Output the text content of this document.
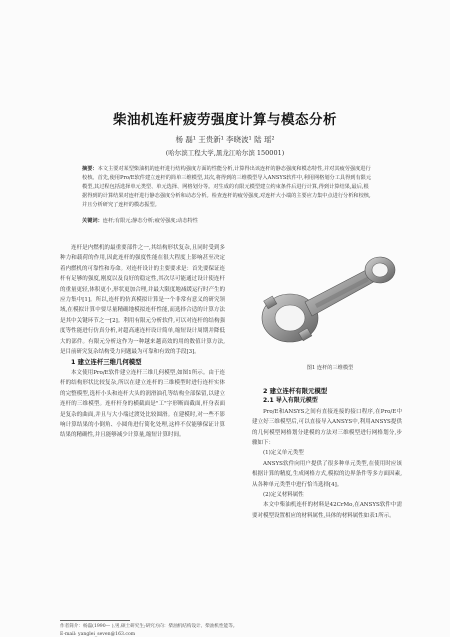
柴油机连杆疲劳强度计算与模态分析
杨 磊¹ 王贵新¹ 李晓波¹ 陆 瑶²
(哈尔滨工程大学,黑龙江哈尔滨 150001)
摘要：本文主要对某型柴油机的连杆进行结构强度方面的性能分析,计算得出该连杆的静态强度和模态特性,并对其疲劳强度进行校核。首先,使用Pro/E软件建立连杆的简单三维模型,其次,将得到的三维模型导入ANSYS软件中,利用网格划分工具得到有限元模型,其过程包括选择单元类型、单元选择、网格划分等。对生成的有限元模型建立约束条件后进行计算,得到计算结果,最后,根据得到的计算结果对连杆进行静态强度分析和动态分析。检查连杆的疲劳强度,对连杆大小端的主要应力集中点进行分析和校核,并且分析研究了连杆的模态振型。
关键词：连杆;有限元;静态分析;疲劳强度;动态特性

连杆是内燃机的最重要部件之一,其结构形状复杂,且同时受到多种力和载荷的作用,因此连杆的强度性能在很大程度上影响甚至决定着内燃机的可靠性和寿命。对连杆设计的主要要求是：首先要保证连杆有足够的强度,刚度以及良好的稳定性,其次尽可能通过设计使连杆的重量更轻,体积更小,形状更加合理,并最大限度地减缓运行时产生的应力集中[1]。所以,连杆的仿真模拟计算是一个非常有意义的研究领域,在模拟计算中要尽量精确地模拟连杆性能,而选择合适的计算方法是其中关键环节之一[2]。利用有限元分析软件,可以对连杆的结构强度等性能进行仿真分析,对超高速连杆设计简单,缩短设计周期并降低大的部件。有限元分析这作为一种越来越高效的用的数值计算方法,是目前研究复杂结构受力问题最为可靠和有效的手段[3]。

1 建立连杆三维几何模型

本文使用Pro/E软件建立连杆三维几何模型,如图1所示。由于连杆的结构形状比较复杂,所以在建立连杆的三维模型时进行连杆实体的完整模型,选杆小头和连杆大头的润滑油孔等结构全部保留,以建立连杆的三维模型。连杆杆身的横截面是"工"字形断面截面,杆身表面是复杂的曲面,并且与大小端过渡处比较圆滑。在建模时,对一些不影响计算结果的小倒角、小圆角进行简化处理,这样不仅能够保证计算结果的精确性,并且能够减少计算量,缩短计算时间。

图1 连杆的三维模型

2 建立连杆有限元模型

2.1 导入有限元模型

Pro/E和ANSYS之间有直接连接的接口程序,在Pro/E中建立好三维模型后,可以直接导入ANSYS中,利用ANSYS提供的几何模型网格划分建模的方法对三维模型进行网格划分,步骤如下：

(1)定义单元类型

ANSYS软件向用户提供了很多种单元类型,在使用时应该根据计算的精度,生成网格方式,模拟的边界条件等多方面因素,从各种单元类型中进行恰当选择[4]。

(2)定义材料属性

本文中柴油机连杆的材料是42CrMo,在ANSYS软件中需要对模型设置相应的材料属性,具体的材料属性如表1所示。

作者简介：杨磊(1990— ),男,硕士研究生;研究方向：柴油机结构设计、柴油机性能等。
E-mail: yanglei_seven@163.com
